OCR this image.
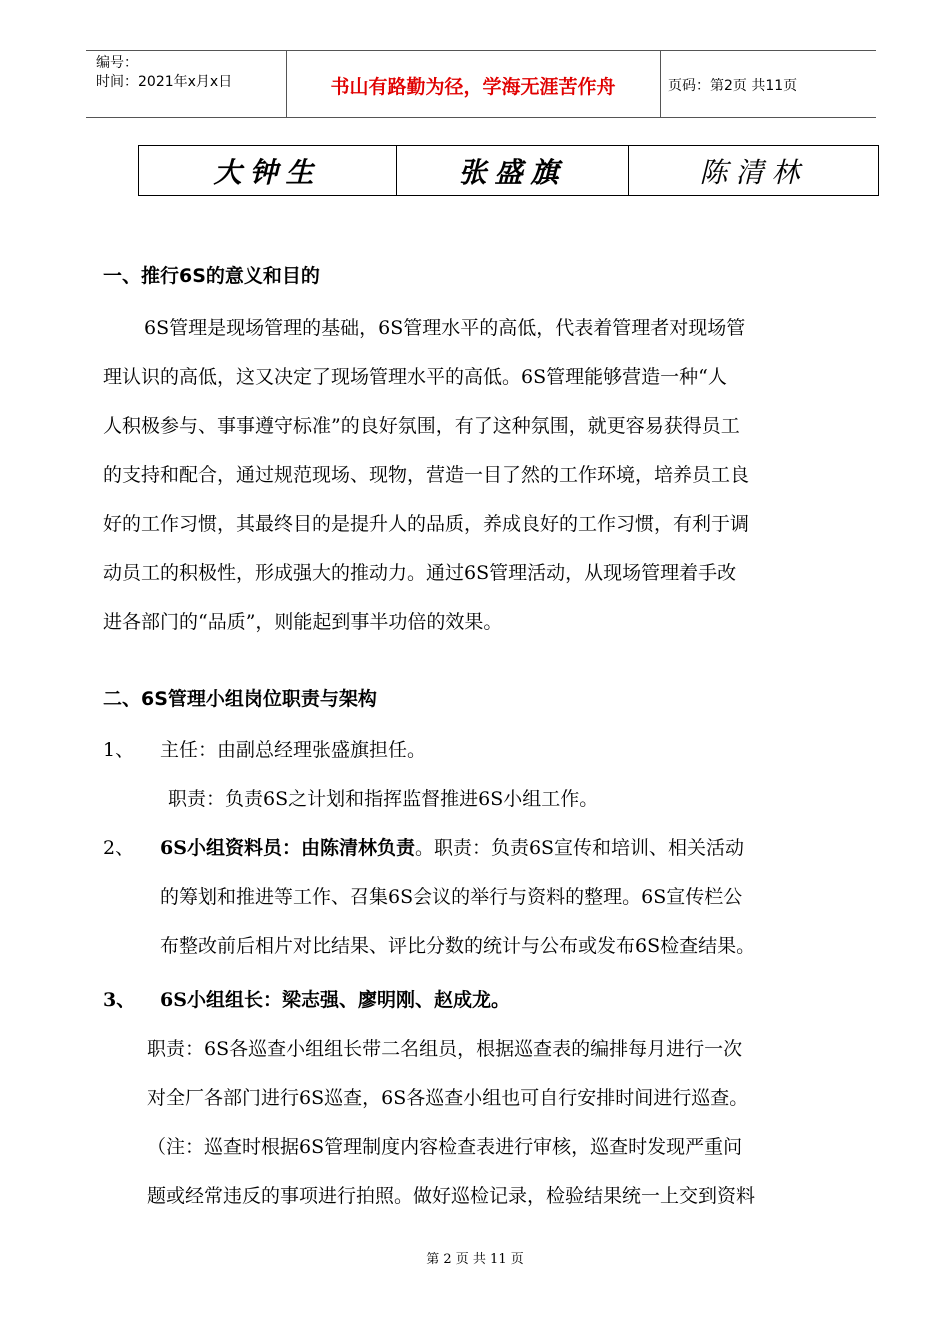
编号：
时间：2021年x月x日	书山有路勤为径，学海无涯苦作舟	页码：第2页 共11页
大钟生	张盛旗	陈清林
一、推行6S的意义和目的
6S管理是现场管理的基础，6S管理水平的高低，代表着管理者对现场管
理认识的高低，这又决定了现场管理水平的高低。6S管理能够营造一种“人
人积极参与、事事遵守标准”的良好氛围，有了这种氛围，就更容易获得员工
的支持和配合，通过规范现场、现物，营造一目了然的工作环境，培养员工良
好的工作习惯，其最终目的是提升人的品质，养成良好的工作习惯，有利于调
动员工的积极性，形成强大的推动力。通过6S管理活动，从现场管理着手改
进各部门的“品质”，则能起到事半功倍的效果。
二、6S管理小组岗位职责与架构
1、 主任：由副总经理张盛旗担任。
职责：负责6S之计划和指挥监督推进6S小组工作。
2、 6S小组资料员：由陈清林负责。职责：负责6S宣传和培训、相关活动
的筹划和推进等工作、召集6S会议的举行与资料的整理。6S宣传栏公
布整改前后相片对比结果、评比分数的统计与公布或发布6S检查结果。
3、 6S小组组长：梁志强、廖明刚、赵成龙。
职责：6S各巡查小组组长带二名组员，根据巡查表的编排每月进行一次
对全厂各部门进行6S巡查，6S各巡查小组也可自行安排时间进行巡查。
（注：巡查时根据6S管理制度内容检查表进行审核，巡查时发现严重问
题或经常违反的事项进行拍照。做好巡检记录，检验结果统一上交到资料
第 2 页 共 11 页
